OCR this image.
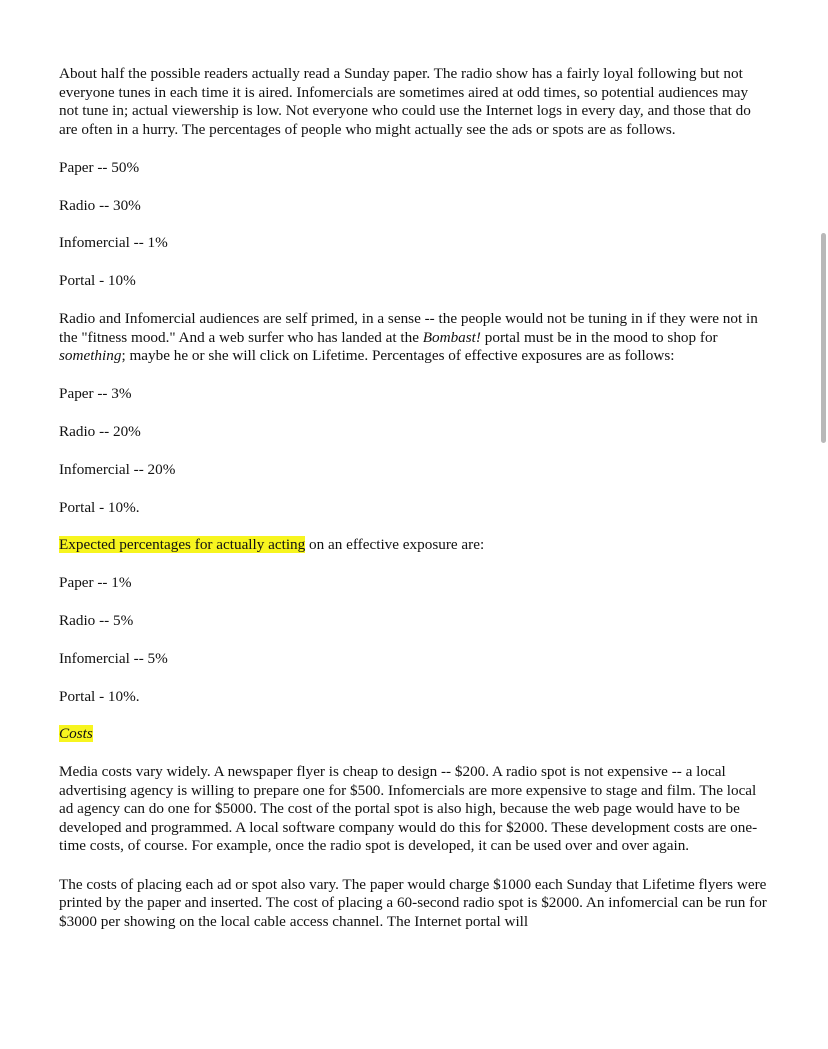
About half the possible readers actually read a Sunday paper. The radio show has a fairly loyal following but not everyone tunes in each time it is aired. Infomercials are sometimes aired at odd times, so potential audiences may not tune in; actual viewership is low. Not everyone who could use the Internet logs in every day, and those that do are often in a hurry. The percentages of people who might actually see the ads or spots are as follows.

Paper -- 50%

Radio -- 30%

Infomercial -- 1%

Portal - 10%

Radio and Infomercial audiences are self primed, in a sense -- the people would not be tuning in if they were not in the "fitness mood." And a web surfer who has landed at the Bombast! portal must be in the mood to shop for something; maybe he or she will click on Lifetime. Percentages of effective exposures are as follows:

Paper -- 3%

Radio -- 20%

Infomercial -- 20%

Portal - 10%.

Expected percentages for actually acting on an effective exposure are:

Paper -- 1%

Radio -- 5%

Infomercial -- 5%

Portal - 10%.

Costs

Media costs vary widely. A newspaper flyer is cheap to design -- $200. A radio spot is not expensive -- a local advertising agency is willing to prepare one for $500. Infomercials are more expensive to stage and film. The local ad agency can do one for $5000. The cost of the portal spot is also high, because the web page would have to be developed and programmed. A local software company would do this for $2000. These development costs are one-time costs, of course. For example, once the radio spot is developed, it can be used over and over again.

The costs of placing each ad or spot also vary. The paper would charge $1000 each Sunday that Lifetime flyers were printed by the paper and inserted. The cost of placing a 60-second radio spot is $2000. An infomercial can be run for $3000 per showing on the local cable access channel. The Internet portal will
